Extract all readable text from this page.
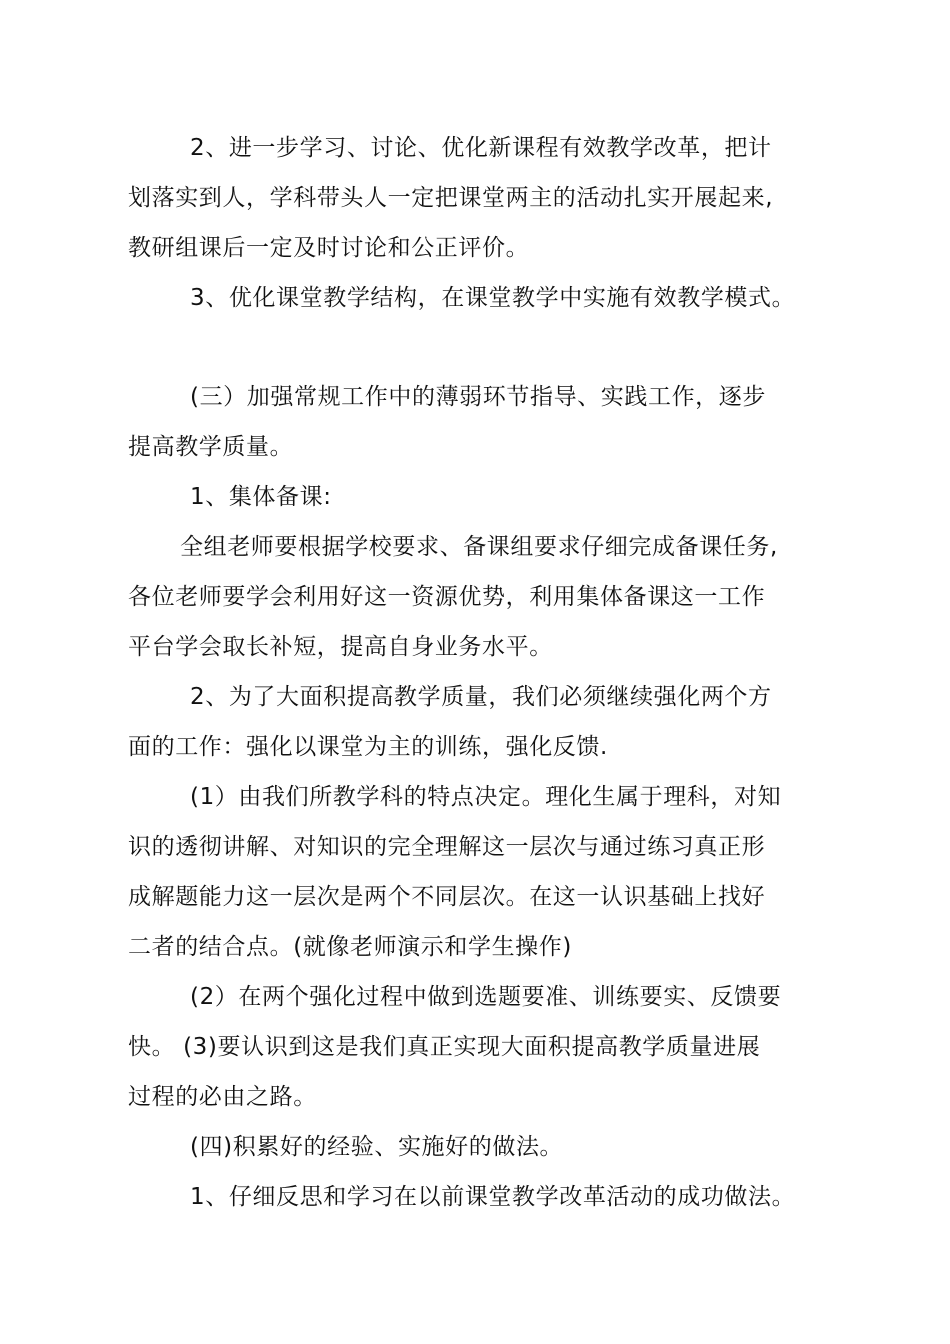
2、进一步学习、讨论、优化新课程有效教学改革，把计
划落实到人，学科带头人一定把课堂两主的活动扎实开展起来,
教研组课后一定及时讨论和公正评价。
3、优化课堂教学结构，在课堂教学中实施有效教学模式。
(三）加强常规工作中的薄弱环节指导、实践工作，逐步
提高教学质量。
1、集体备课:
全组老师要根据学校要求、备课组要求仔细完成备课任务,
各位老师要学会利用好这一资源优势，利用集体备课这一工作
平台学会取长补短，提高自身业务水平。
2、为了大面积提高教学质量，我们必须继续强化两个方
面的工作：强化以课堂为主的训练，强化反馈.
(1）由我们所教学科的特点决定。理化生属于理科，对知
识的透彻讲解、对知识的完全理解这一层次与通过练习真正形
成解题能力这一层次是两个不同层次。在这一认识基础上找好
二者的结合点。(就像老师演示和学生操作)
(2）在两个强化过程中做到选题要准、训练要实、反馈要
快。 (3)要认识到这是我们真正实现大面积提高教学质量进展
过程的必由之路。
(四)积累好的经验、实施好的做法。
1、仔细反思和学习在以前课堂教学改革活动的成功做法。
